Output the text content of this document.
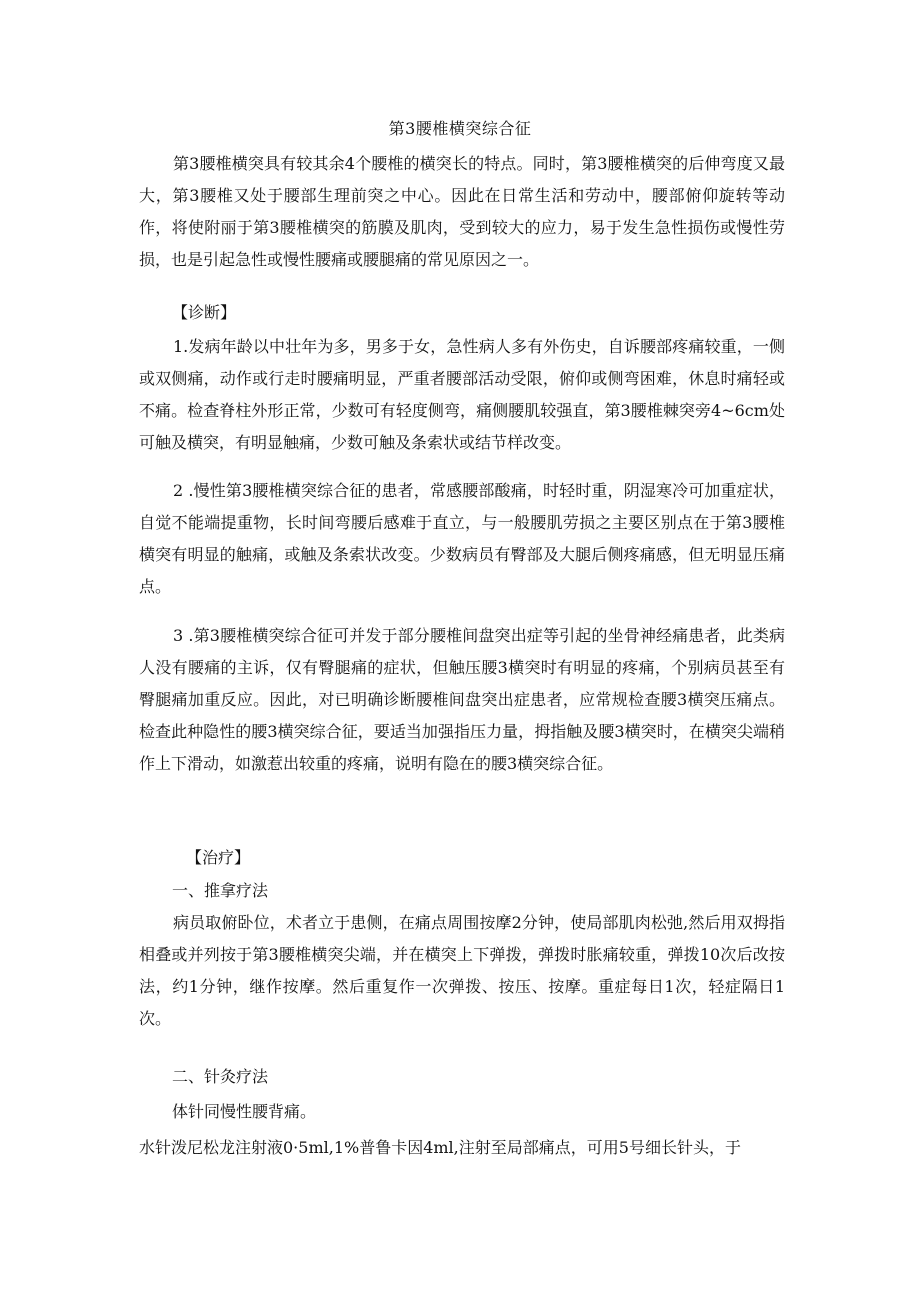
第3腰椎横突综合征

第3腰椎横突具有较其余4个腰椎的横突长的特点。同时，第3腰椎横突的后伸弯度又最大，第3腰椎又处于腰部生理前突之中心。因此在日常生活和劳动中，腰部俯仰旋转等动作，将使附丽于第3腰椎横突的筋膜及肌肉，受到较大的应力，易于发生急性损伤或慢性劳损，也是引起急性或慢性腰痛或腰腿痛的常见原因之一。

【诊断】

1.发病年龄以中壮年为多，男多于女，急性病人多有外伤史，自诉腰部疼痛较重，一侧或双侧痛，动作或行走时腰痛明显，严重者腰部活动受限，俯仰或侧弯困难，休息时痛轻或不痛。检查脊柱外形正常，少数可有轻度侧弯，痛侧腰肌较强直，第3腰椎棘突旁4~6cm处可触及横突，有明显触痛，少数可触及条索状或结节样改变。

2 .慢性第3腰椎横突综合征的患者，常感腰部酸痛，时轻时重，阴湿寒冷可加重症状，自觉不能端提重物，长时间弯腰后感难于直立，与一般腰肌劳损之主要区别点在于第3腰椎横突有明显的触痛，或触及条索状改变。少数病员有臀部及大腿后侧疼痛感，但无明显压痛点。

3 .第3腰椎横突综合征可并发于部分腰椎间盘突出症等引起的坐骨神经痛患者，此类病人没有腰痛的主诉，仅有臀腿痛的症状，但触压腰3横突时有明显的疼痛，个别病员甚至有臀腿痛加重反应。因此，对已明确诊断腰椎间盘突出症患者，应常规检查腰3横突压痛点。检查此种隐性的腰3横突综合征，要适当加强指压力量，拇指触及腰3横突时，在横突尖端稍作上下滑动，如激惹出较重的疼痛，说明有隐在的腰3横突综合征。

【治疗】

一、推拿疗法

病员取俯卧位，术者立于患侧，在痛点周围按摩2分钟，使局部肌肉松弛,然后用双拇指相叠或并列按于第3腰椎横突尖端，并在横突上下弹拨，弹拨时胀痛较重，弹拨10次后改按法，约1分钟，继作按摩。然后重复作一次弹拨、按压、按摩。重症每日1次，轻症隔日1次。

二、针灸疗法

体针同慢性腰背痛。

水针泼尼松龙注射液0·5ml,1%普鲁卡因4ml,注射至局部痛点，可用5号细长针头，于
